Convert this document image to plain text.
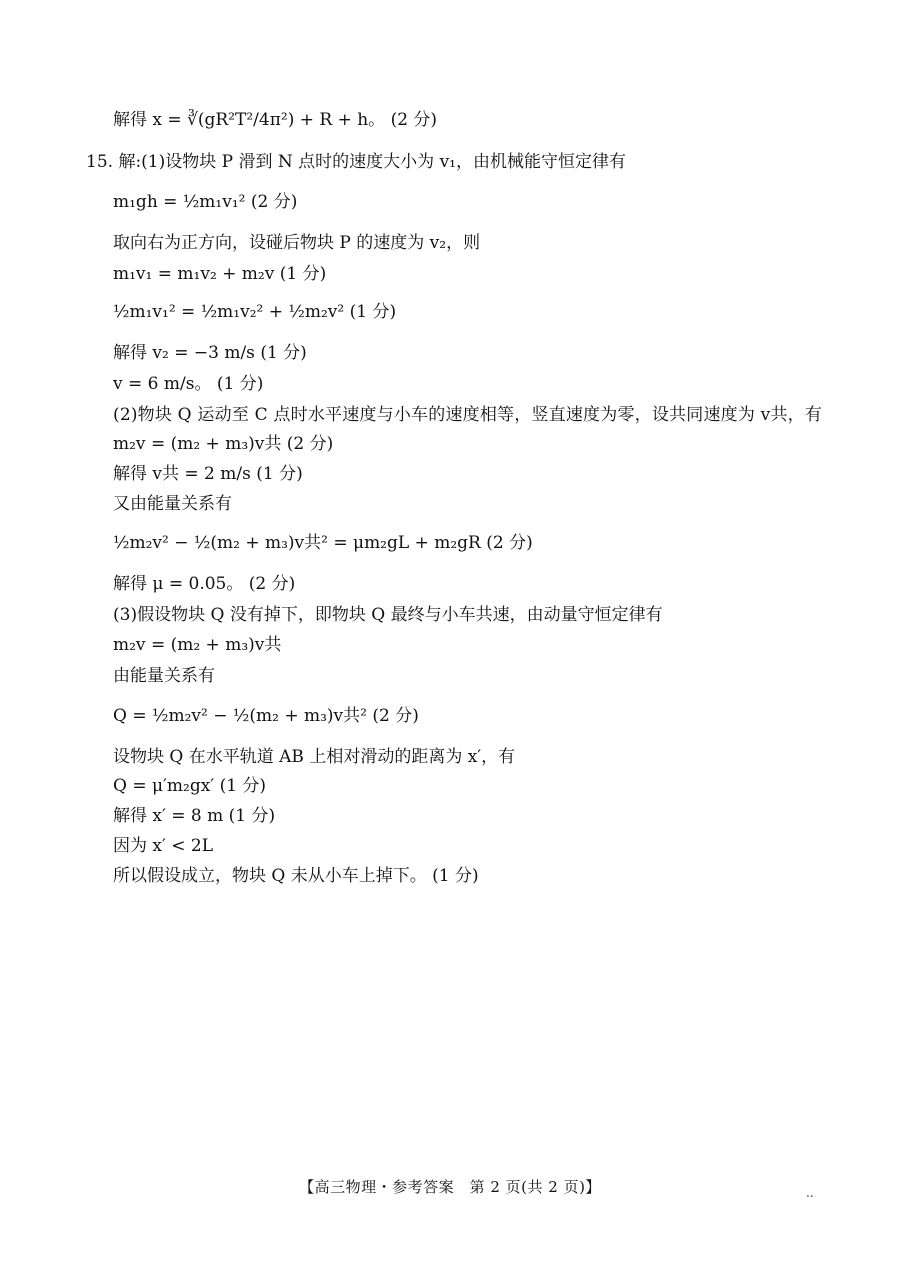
解得 x = ∛(gR²T²/4π²) + R + h。 (2 分)
15. 解:(1)设物块 P 滑到 N 点时的速度大小为 v₁，由机械能守恒定律有
m₁gh = ½m₁v₁² (2 分)
取向右为正方向，设碰后物块 P 的速度为 v₂，则
m₁v₁ = m₁v₂ + m₂v (1 分)
½m₁v₁² = ½m₁v₂² + ½m₂v² (1 分)
解得 v₂ = −3 m/s (1 分)
v = 6 m/s。 (1 分)
(2)物块 Q 运动至 C 点时水平速度与小车的速度相等，竖直速度为零，设共同速度为 v共，有
m₂v = (m₂ + m₃)v共 (2 分)
解得 v共 = 2 m/s (1 分)
又由能量关系有
½m₂v² − ½(m₂ + m₃)v共² = μm₂gL + m₂gR (2 分)
解得 μ = 0.05。 (2 分)
(3)假设物块 Q 没有掉下，即物块 Q 最终与小车共速，由动量守恒定律有
m₂v = (m₂ + m₃)v共
由能量关系有
Q = ½m₂v² − ½(m₂ + m₃)v共² (2 分)
设物块 Q 在水平轨道 AB 上相对滑动的距离为 x′，有
Q = μ′m₂gx′ (1 分)
解得 x′ = 8 m (1 分)
因为 x′ < 2L
所以假设成立，物块 Q 未从小车上掉下。 (1 分)
【高三物理・参考答案　第 2 页(共 2 页)】	..
